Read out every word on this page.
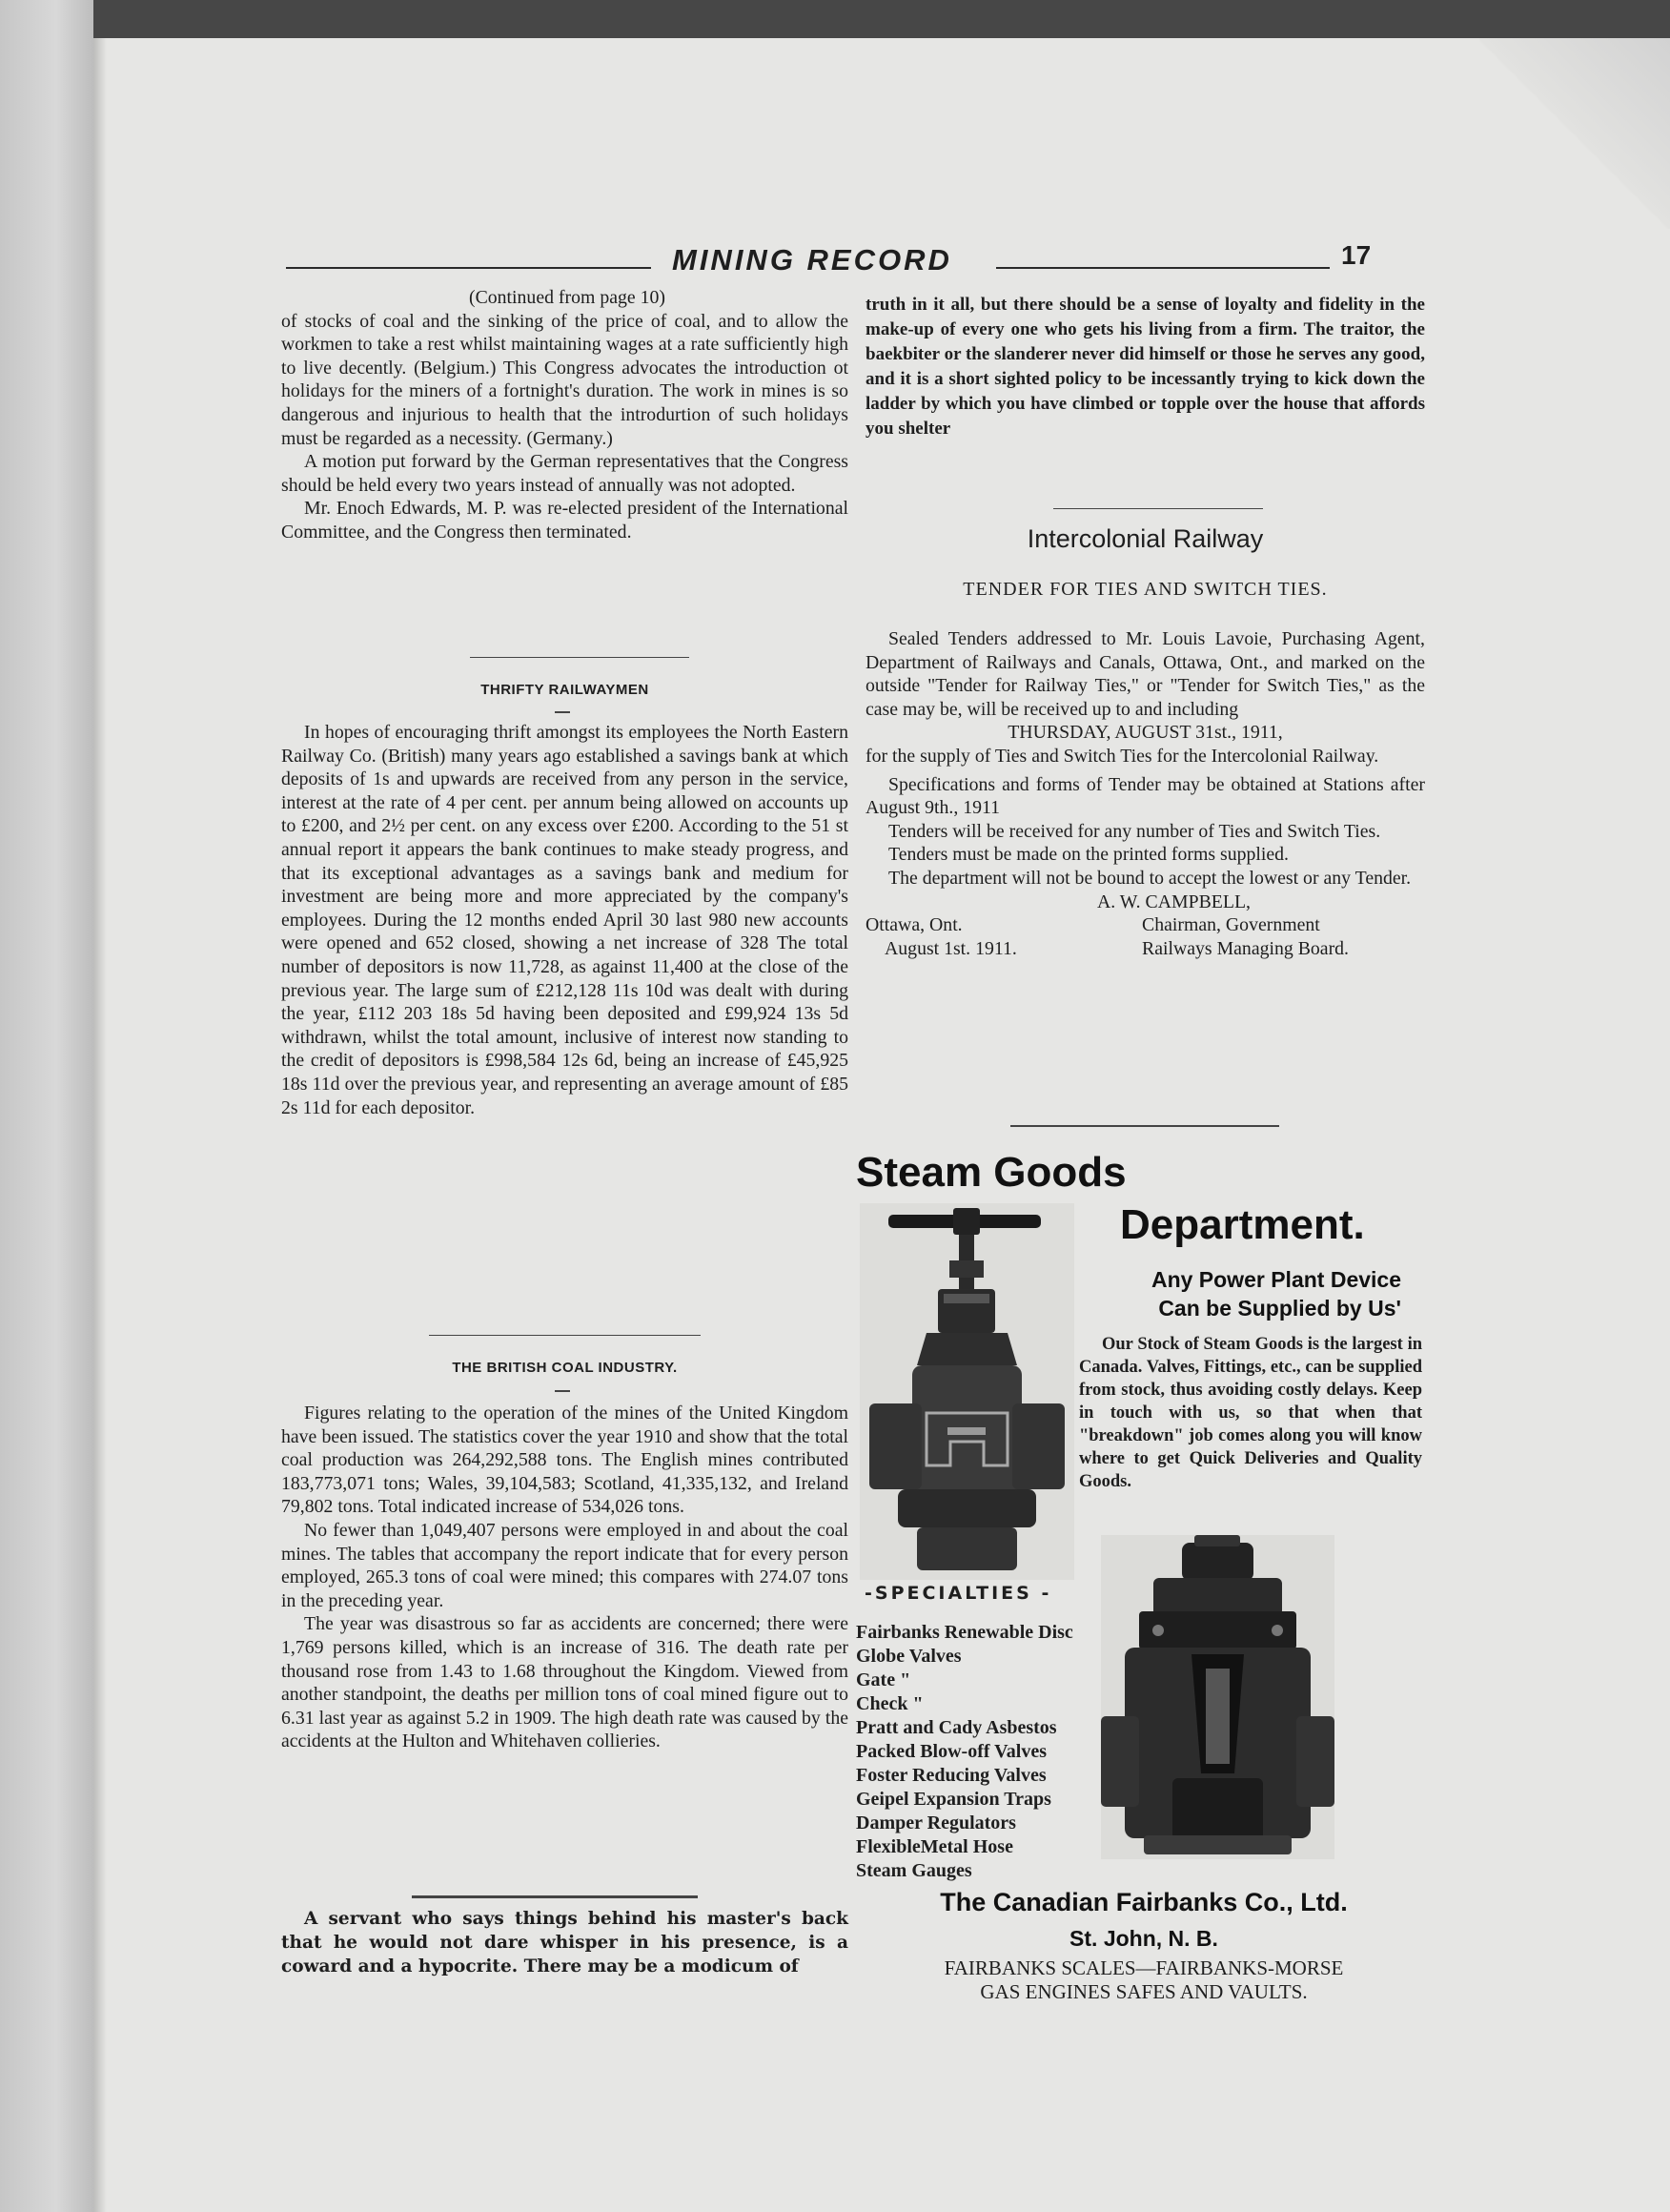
MINING RECORD	17

(Continued from page 10)

of stocks of coal and the sinking of the price of coal, and to allow the workmen to take a rest whilst maintaining wages at a rate sufficiently high to live decently. (Belgium.) This Congress advocates the introduction ot holidays for the miners of a fortnight's duration. The work in mines is so dangerous and injurious to health that the introdurtion of such holidays must be regarded as a necessity. (Germany.)

A motion put forward by the German representatives that the Congress should be held every two years instead of annually was not adopted.

Mr. Enoch Edwards, M. P. was re-elected president of the International Committee, and the Congress then terminated.

THRIFTY RAILWAYMEN

In hopes of encouraging thrift amongst its employees the North Eastern Railway Co. (British) many years ago established a savings bank at which deposits of 1s and upwards are received from any person in the service, interest at the rate of 4 per cent. per annum being allowed on accounts up to £200, and 2½ per cent. on any excess over £200. According to the 51 st annual report it appears the bank continues to make steady progress, and that its exceptional advantages as a savings bank and medium for investment are being more and more appreciated by the company's employees. During the 12 months ended April 30 last 980 new accounts were opened and 652 closed, showing a net increase of 328 The total number of depositors is now 11,728, as against 11,400 at the close of the previous year. The large sum of £212,128 11s 10d was dealt with during the year, £112 203 18s 5d having been deposited and £99,924 13s 5d withdrawn, whilst the total amount, inclusive of interest now standing to the credit of depositors is £998,584 12s 6d, being an increase of £45,925 18s 11d over the previous year, and representing an average amount of £85 2s 11d for each depositor.

THE BRITISH COAL INDUSTRY.

Figures relating to the operation of the mines of the United Kingdom have been issued. The statistics cover the year 1910 and show that the total coal production was 264,292,588 tons. The English mines contributed 183,773,071 tons; Wales, 39,104,583; Scotland, 41,335,132, and Ireland 79,802 tons. Total indicated increase of 534,026 tons.

No fewer than 1,049,407 persons were employed in and about the coal mines. The tables that accompany the report indicate that for every person employed, 265.3 tons of coal were mined; this compares with 274.07 tons in the preceding year.

The year was disastrous so far as accidents are concerned; there were 1,769 persons killed, which is an increase of 316. The death rate per thousand rose from 1.43 to 1.68 throughout the Kingdom. Viewed from another standpoint, the deaths per million tons of coal mined figure out to 6.31 last year as against 5.2 in 1909. The high death rate was caused by the accidents at the Hulton and Whitehaven collieries.

A servant who says things behind his master's back that he would not dare whisper in his presence, is a coward and a hypocrite. There may be a modicum of

truth in it all, but there should be a sense of loyalty and fidelity in the make-up of every one who gets his living from a firm. The traitor, the baekbiter or the slanderer never did himself or those he serves any good, and it is a short sighted policy to be incessantly trying to kick down the ladder by which you have climbed or topple over the house that affords you shelter

Intercolonial Railway
TENDER FOR TIES AND SWITCH TIES.

Sealed Tenders addressed to Mr. Louis Lavoie, Purchasing Agent, Department of Railways and Canals, Ottawa, Ont., and marked on the outside "Tender for Railway Ties," or "Tender for Switch Ties," as the case may be, will be received up to and including

THURSDAY, AUGUST 31st., 1911,

for the supply of Ties and Switch Ties for the Intercolonial Railway.

Specifications and forms of Tender may be obtained at Stations after August 9th., 1911

Tenders will be received for any number of Ties and Switch Ties.

Tenders must be made on the printed forms supplied.

The department will not be bound to accept the lowest or any Tender.

A. W. CAMPBELL,

Ottawa, Ont.
August 1st. 1911.
Chairman, Government
Railways Managing Board.
Steam Goods
Department.
Any Power Plant Device
Can be Supplied by Us'

Our Stock of Steam Goods is the largest in Canada. Valves, Fittings, etc., can be supplied from stock, thus avoiding costly delays. Keep in touch with us, so that when that "breakdown" job comes along you will know where to get Quick Deliveries and Quality Goods.

-SPECIALTIES -
Fairbanks Renewable Disc
Globe Valves
Gate "
Check "
Pratt and Cady Asbestos
Packed Blow-off Valves
Foster Reducing Valves
Geipel Expansion Traps
Damper Regulators
FlexibleMetal Hose
Steam Gauges
The Canadian Fairbanks Co., Ltd.
St. John, N. B.
FAIRBANKS SCALES—FAIRBANKS-MORSE
GAS ENGINES SAFES AND VAULTS.
